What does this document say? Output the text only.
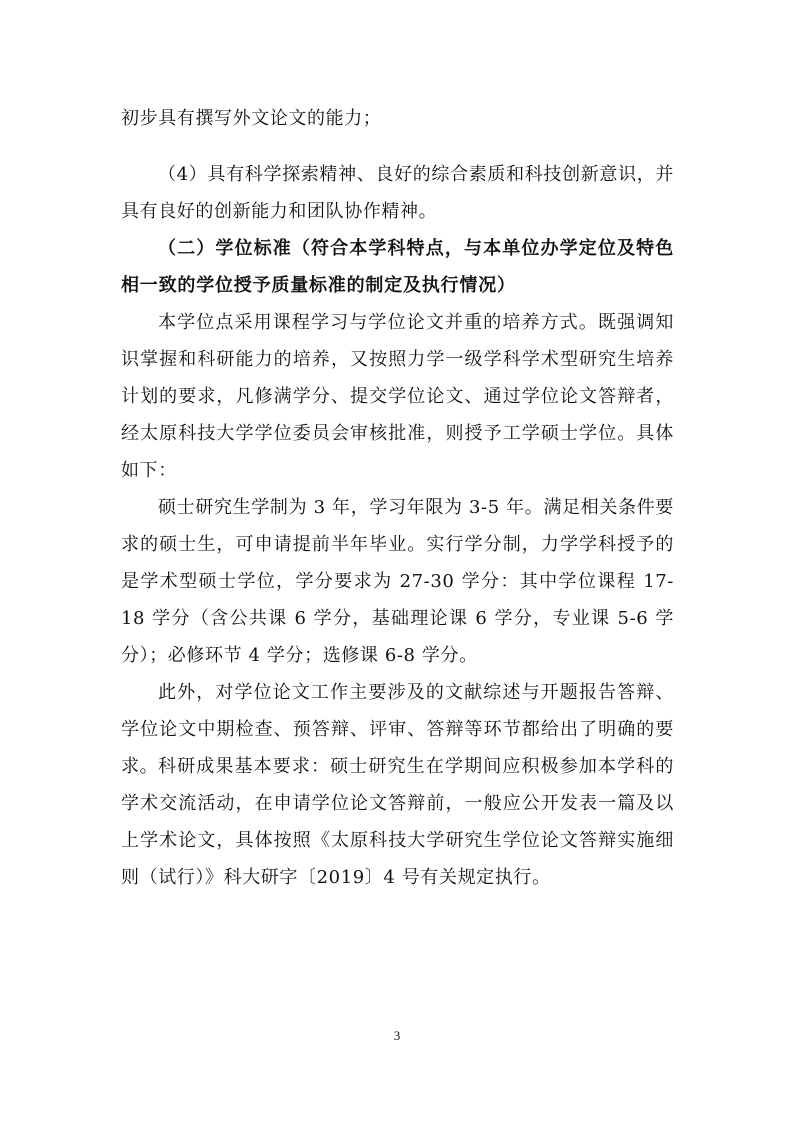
初步具有撰写外文论文的能力；
（4）具有科学探索精神、良好的综合素质和科技创新意识，并具有良好的创新能力和团队协作精神。
（二）学位标准（符合本学科特点，与本单位办学定位及特色相一致的学位授予质量标准的制定及执行情况）
本学位点采用课程学习与学位论文并重的培养方式。既强调知识掌握和科研能力的培养，又按照力学一级学科学术型研究生培养计划的要求，凡修满学分、提交学位论文、通过学位论文答辩者，经太原科技大学学位委员会审核批准，则授予工学硕士学位。具体如下：
硕士研究生学制为 3 年，学习年限为 3-5 年。满足相关条件要求的硕士生，可申请提前半年毕业。实行学分制，力学学科授予的是学术型硕士学位，学分要求为 27-30 学分：其中学位课程 17-18 学分（含公共课 6 学分，基础理论课 6 学分，专业课 5-6 学分）；必修环节 4 学分；选修课 6-8 学分。
此外，对学位论文工作主要涉及的文献综述与开题报告答辩、学位论文中期检查、预答辩、评审、答辩等环节都给出了明确的要求。 科研成果基本要求：硕士研究生在学期间应积极参加本学科的学术交流活动，在申请学位论文答辩前，一般应公开发表一篇及以上学术论文，具体按照《太原科技大学研究生学位论文答辩实施细则（试行）》科大研字〔2019〕4 号有关规定执行。
3
